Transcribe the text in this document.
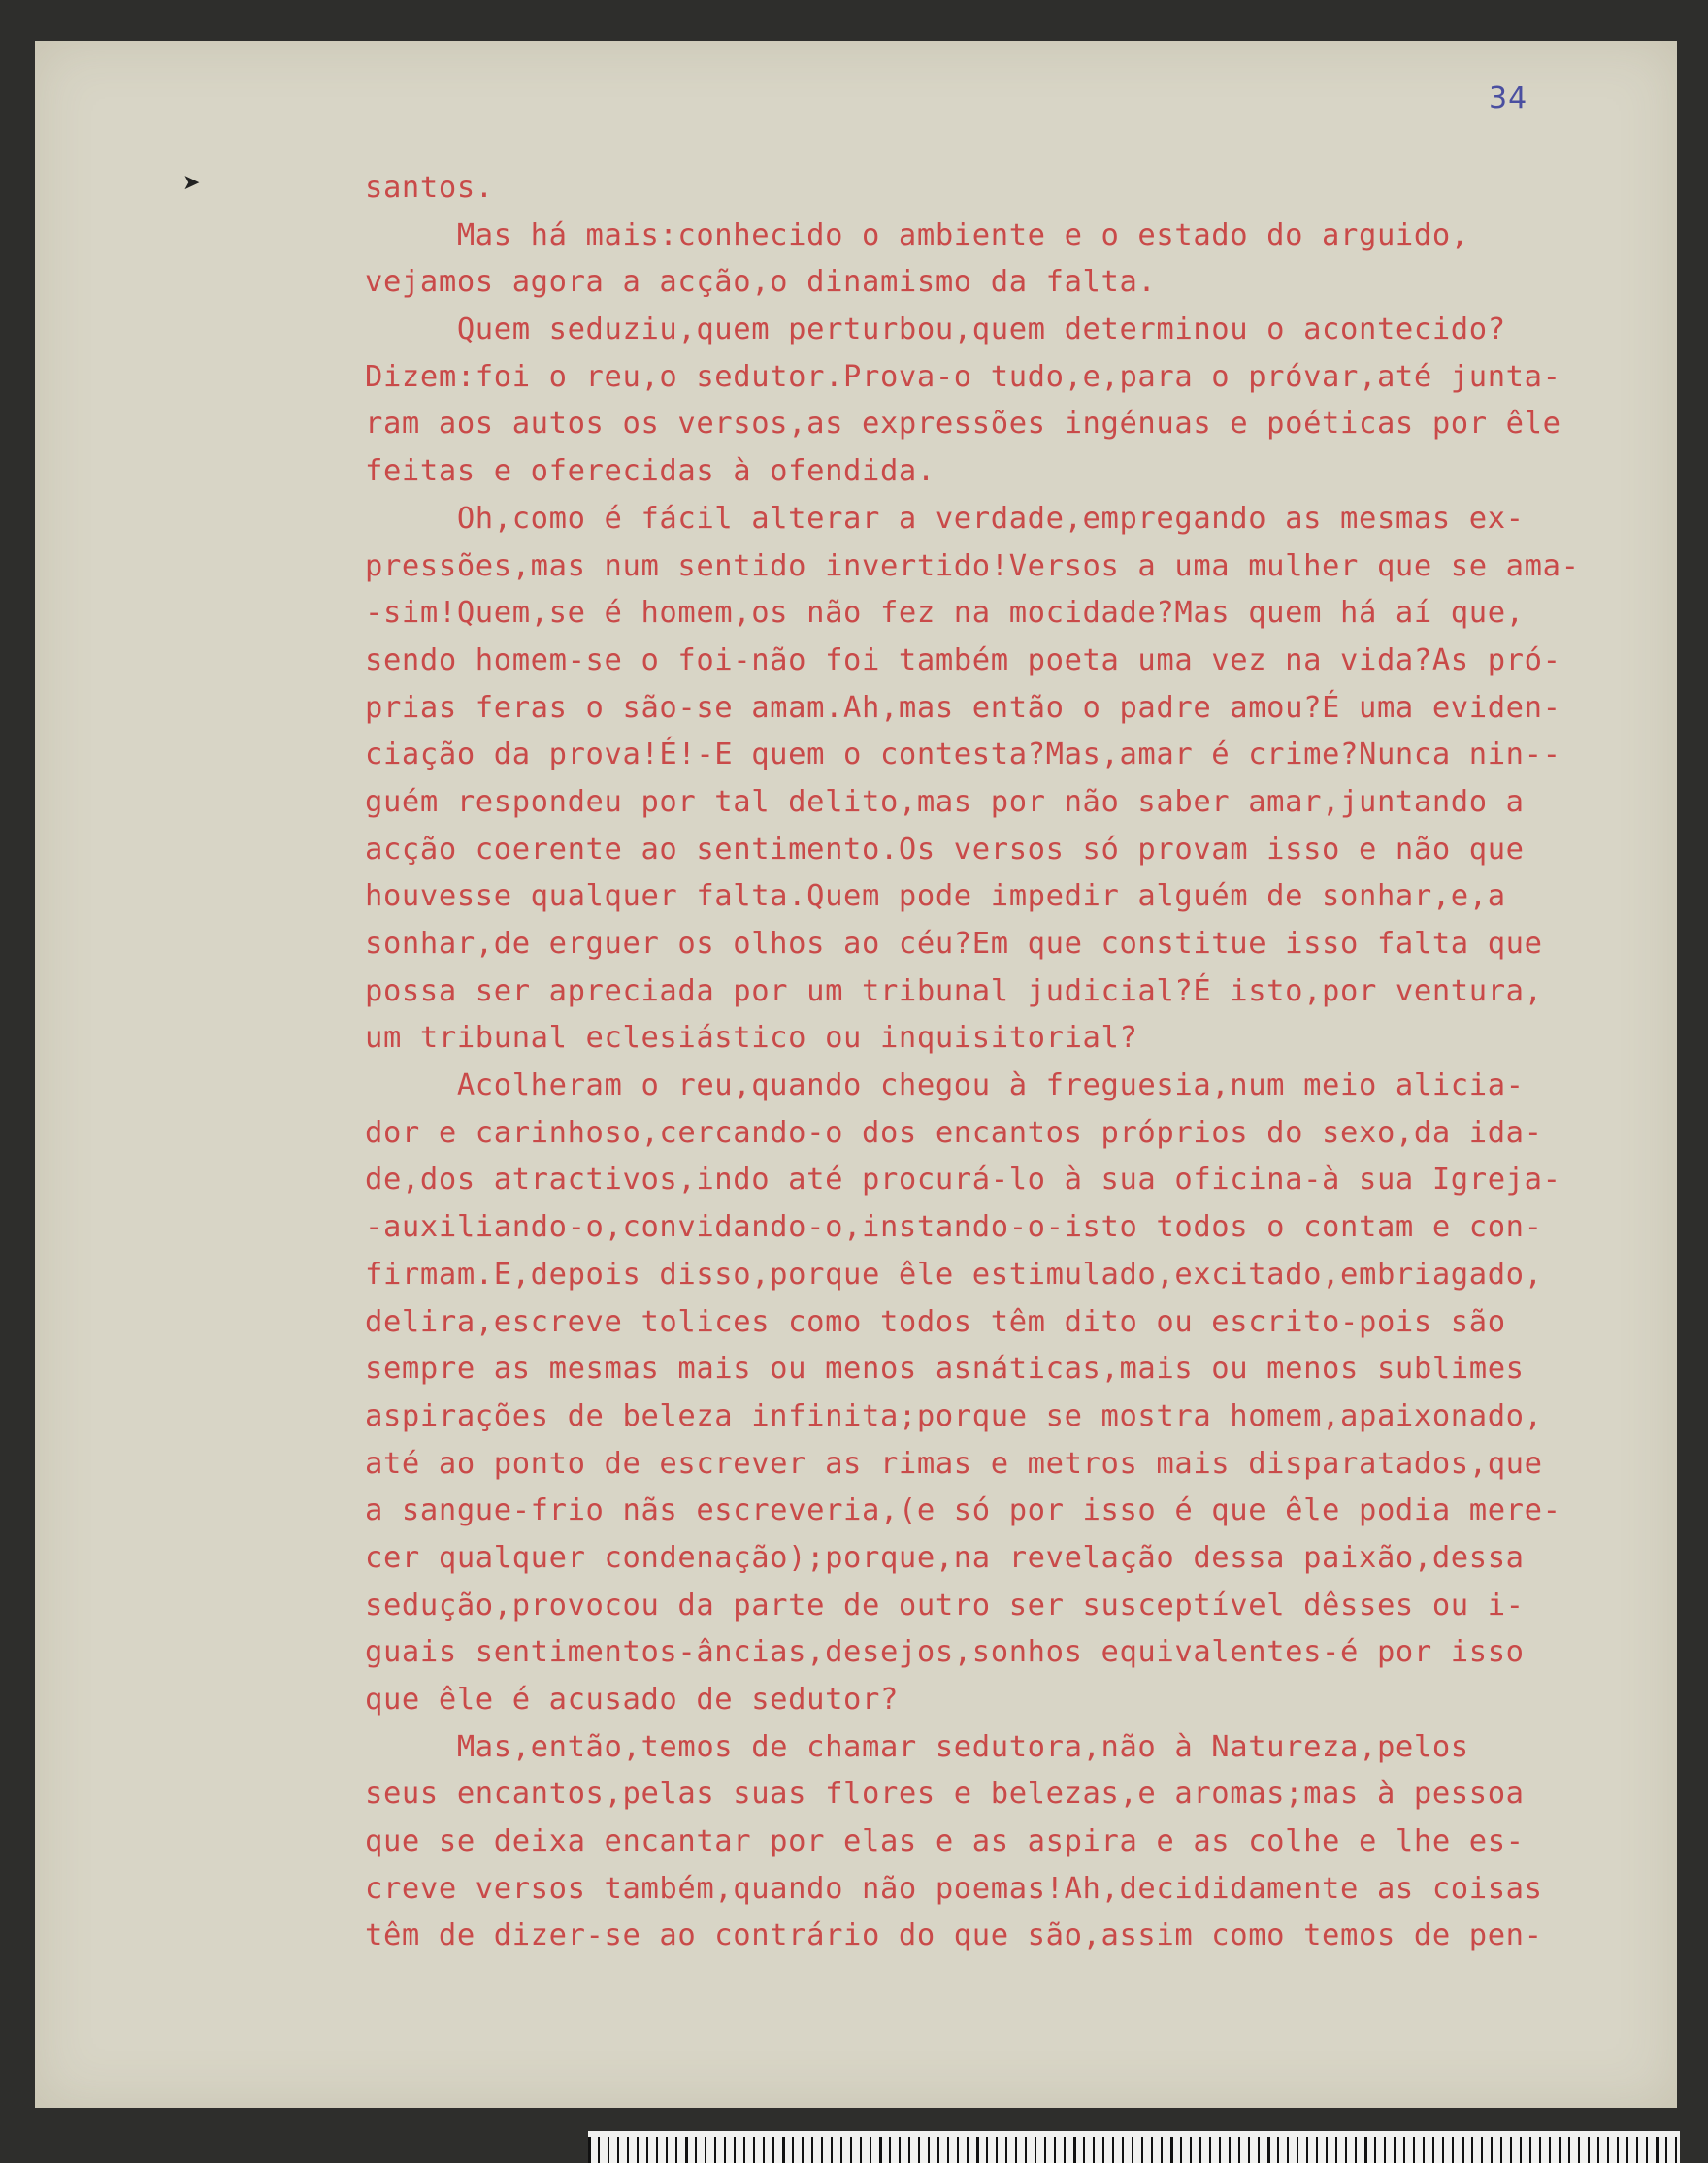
34
➤	santos.
Mas há mais:conhecido o ambiente e o estado do arguido,
vejamos agora a acção,o dinamismo da falta.
Quem seduziu,quem perturbou,quem determinou o acontecido?
Dizem:foi o reu,o sedutor.Prova-o tudo,e,para o próvar,até junta-
ram aos autos os versos,as expressões ingénuas e poéticas por êle
feitas e oferecidas à ofendida.
Oh,como é fácil alterar a verdade,empregando as mesmas ex-
pressões,mas num sentido invertido!Versos a uma mulher que se ama-
-sim!Quem,se é homem,os não fez na mocidade?Mas quem há aí que,
sendo homem-se o foi-não foi também poeta uma vez na vida?As pró-
prias feras o são-se amam.Ah,mas então o padre amou?É uma eviden-
ciação da prova!É!-E quem o contesta?Mas,amar é crime?Nunca nin--
guém respondeu por tal delito,mas por não saber amar,juntando a
acção coerente ao sentimento.Os versos só provam isso e não que
houvesse qualquer falta.Quem pode impedir alguém de sonhar,e,a
sonhar,de erguer os olhos ao céu?Em que constitue isso falta que
possa ser apreciada por um tribunal judicial?É isto,por ventura,
um tribunal eclesiástico ou inquisitorial?
Acolheram o reu,quando chegou à freguesia,num meio alicia-
dor e carinhoso,cercando-o dos encantos próprios do sexo,da ida-
de,dos atractivos,indo até procurá-lo à sua oficina-à sua Igreja-
-auxiliando-o,convidando-o,instando-o-isto todos o contam e con-
firmam.E,depois disso,porque êle estimulado,excitado,embriagado,
delira,escreve tolices como todos têm dito ou escrito-pois são
sempre as mesmas mais ou menos asnáticas,mais ou menos sublimes
aspirações de beleza infinita;porque se mostra homem,apaixonado,
até ao ponto de escrever as rimas e metros mais disparatados,que
a sangue-frio nãs escreveria,(e só por isso é que êle podia mere-
cer qualquer condenação);porque,na revelação dessa paixão,dessa
sedução,provocou da parte de outro ser susceptível dêsses ou i-
guais sentimentos-âncias,desejos,sonhos equivalentes-é por isso
que êle é acusado de sedutor?
Mas,então,temos de chamar sedutora,não à Natureza,pelos
seus encantos,pelas suas flores e belezas,e aromas;mas à pessoa
que se deixa encantar por elas e as aspira e as colhe e lhe es-
creve versos também,quando não poemas!Ah,decididamente as coisas
têm de dizer-se ao contrário do que são,assim como temos de pen-
